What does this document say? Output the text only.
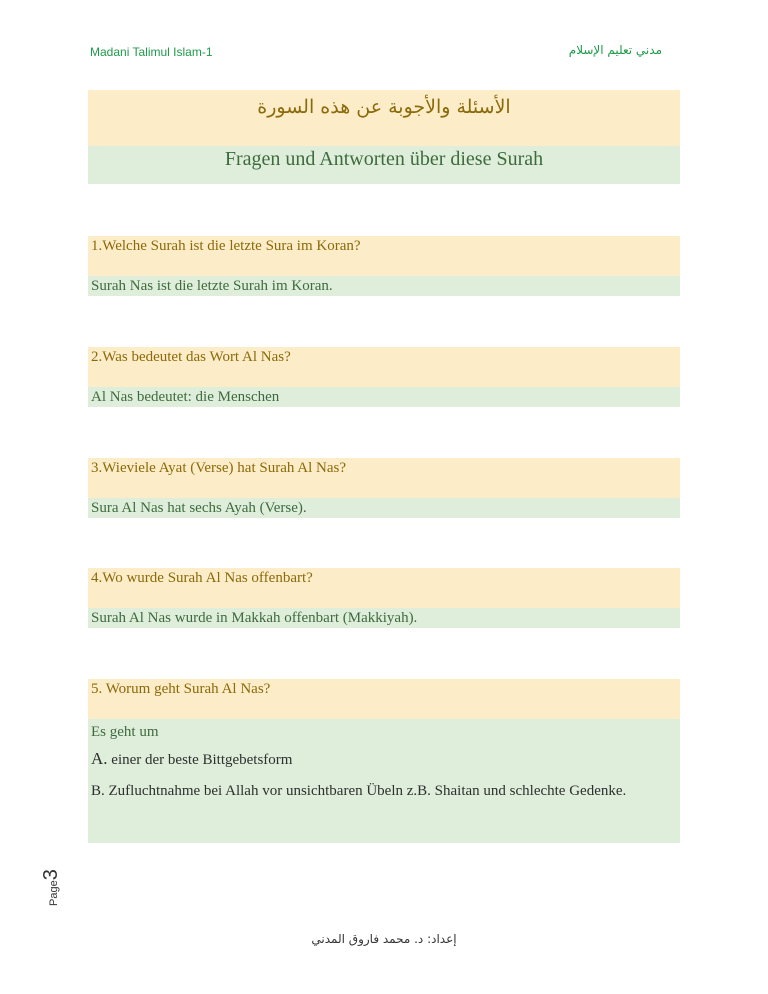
Madani Talimul Islam-1	مدني تعليم الإسلام
الأسئلة والأجوبة عن هذه السورة
Fragen und Antworten über diese Surah
1.Welche Surah ist die letzte Sura im Koran?
Surah Nas ist die letzte Surah im Koran.
2.Was bedeutet das Wort Al Nas?
Al Nas bedeutet: die Menschen
3.Wieviele Ayat (Verse) hat Surah Al Nas?
Sura Al Nas hat sechs Ayah (Verse).
4.Wo wurde Surah Al Nas offenbart?
Surah Al Nas wurde in Makkah offenbart (Makkiyah).
5. Worum geht Surah Al Nas?
Es geht um
A. einer der beste Bittgebetsform
B. Zufluchtnahme bei Allah vor unsichtbaren Übeln z.B. Shaitan und schlechte Gedenke.
Page3
إعداد: د. محمد فاروق المدني
